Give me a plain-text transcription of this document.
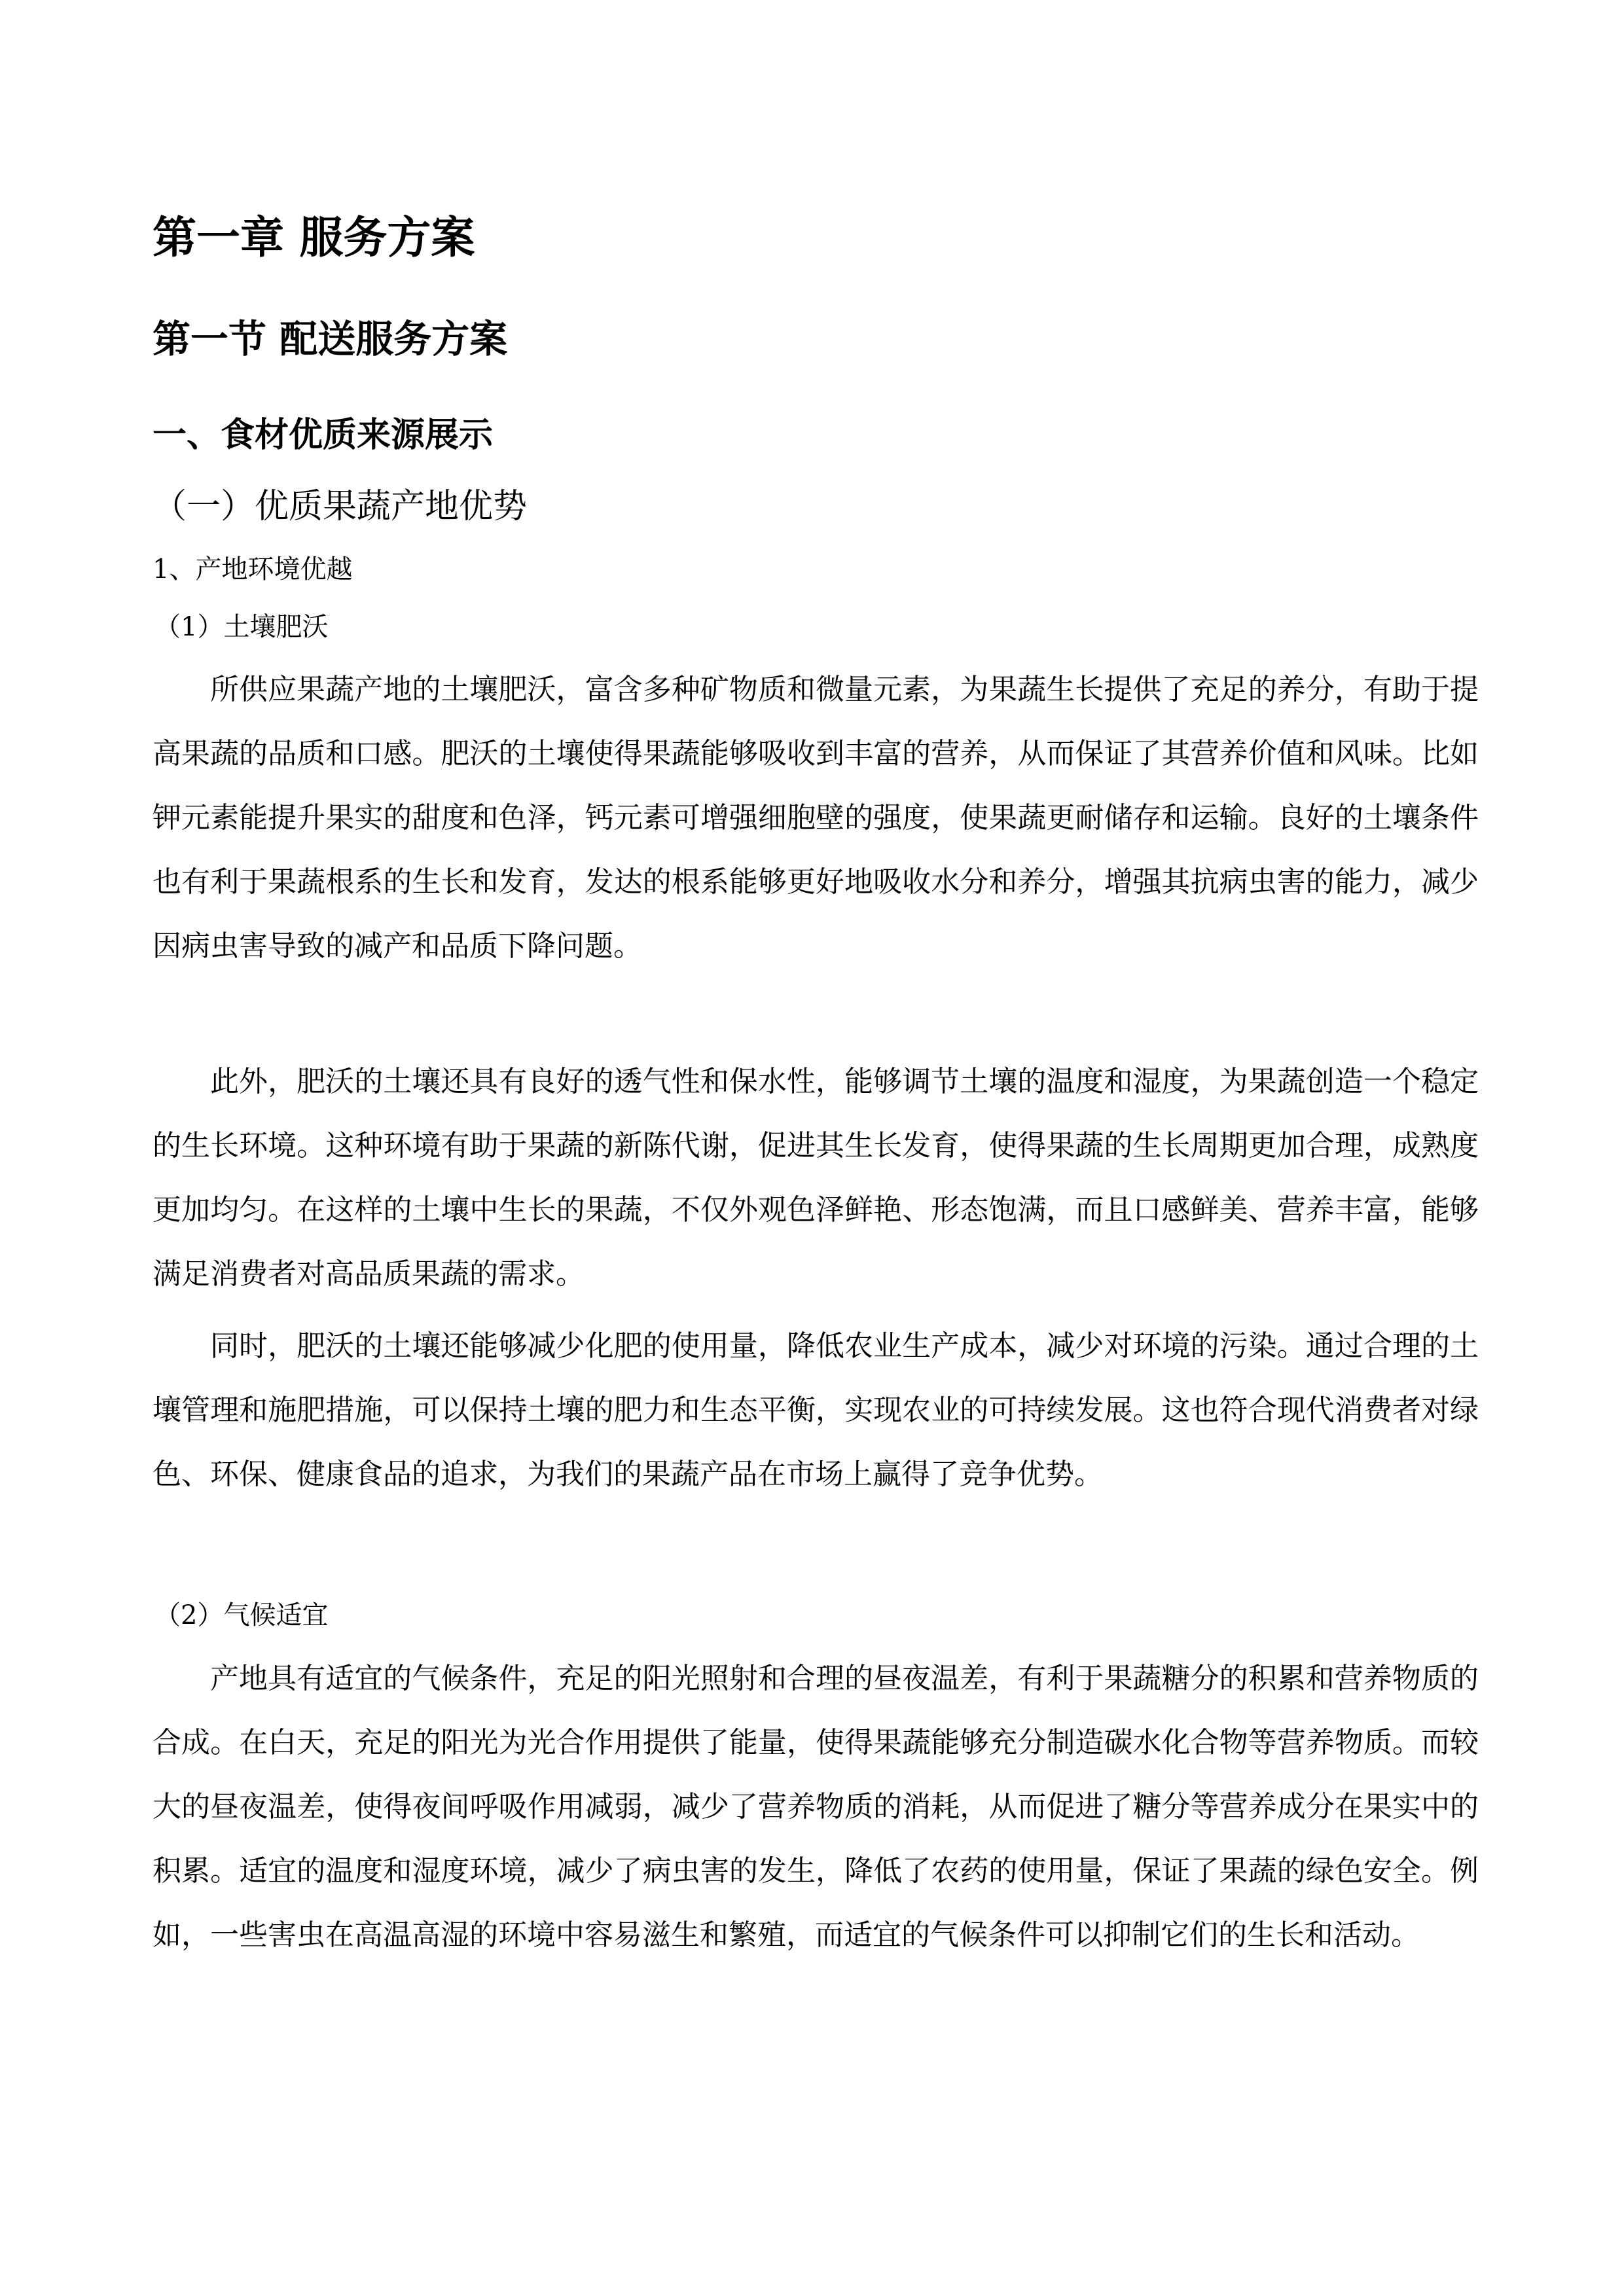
第一章 服务方案
第一节 配送服务方案
一、食材优质来源展示
（一）优质果蔬产地优势
1、产地环境优越
（1）土壤肥沃

所供应果蔬产地的土壤肥沃，富含多种矿物质和微量元素，为果蔬生长提供了充足的养分，有助于提高果蔬的品质和口感。肥沃的土壤使得果蔬能够吸收到丰富的营养，从而保证了其营养价值和风味。比如钾元素能提升果实的甜度和色泽，钙元素可增强细胞壁的强度，使果蔬更耐储存和运输。良好的土壤条件也有利于果蔬根系的生长和发育，发达的根系能够更好地吸收水分和养分，增强其抗病虫害的能力，减少因病虫害导致的减产和品质下降问题。

此外，肥沃的土壤还具有良好的透气性和保水性，能够调节土壤的温度和湿度，为果蔬创造一个稳定的生长环境。这种环境有助于果蔬的新陈代谢，促进其生长发育，使得果蔬的生长周期更加合理，成熟度更加均匀。在这样的土壤中生长的果蔬，不仅外观色泽鲜艳、形态饱满，而且口感鲜美、营养丰富，能够满足消费者对高品质果蔬的需求。

同时，肥沃的土壤还能够减少化肥的使用量，降低农业生产成本，减少对环境的污染。通过合理的土壤管理和施肥措施，可以保持土壤的肥力和生态平衡，实现农业的可持续发展。这也符合现代消费者对绿色、环保、健康食品的追求，为我们的果蔬产品在市场上赢得了竞争优势。

（2）气候适宜

产地具有适宜的气候条件，充足的阳光照射和合理的昼夜温差，有利于果蔬糖分的积累和营养物质的合成。在白天，充足的阳光为光合作用提供了能量，使得果蔬能够充分制造碳水化合物等营养物质。而较大的昼夜温差，使得夜间呼吸作用减弱，减少了营养物质的消耗，从而促进了糖分等营养成分在果实中的积累。适宜的温度和湿度环境，减少了病虫害的发生，降低了农药的使用量，保证了果蔬的绿色安全。例如，一些害虫在高温高湿的环境中容易滋生和繁殖，而适宜的气候条件可以抑制它们的生长和活动。
